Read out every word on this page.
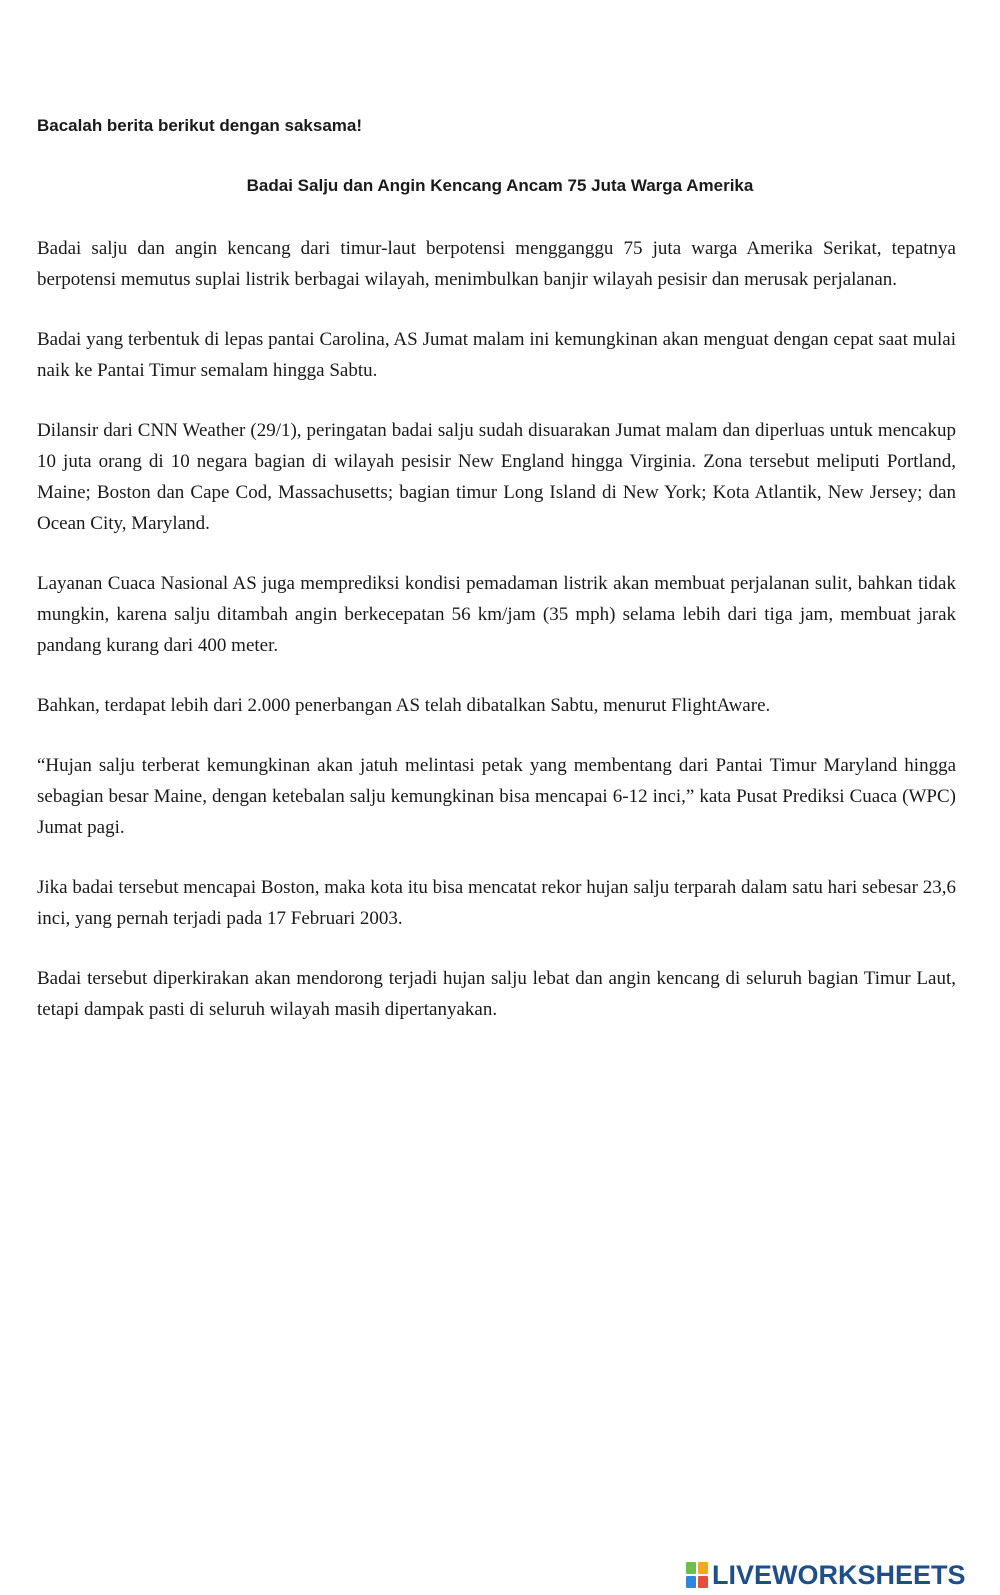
Bacalah berita berikut dengan saksama!

Badai Salju dan Angin Kencang Ancam 75 Juta Warga Amerika

Badai salju dan angin kencang dari timur-laut berpotensi mengganggu 75 juta warga Amerika Serikat, tepatnya berpotensi memutus suplai listrik berbagai wilayah, menimbulkan banjir wilayah pesisir dan merusak perjalanan.

Badai yang terbentuk di lepas pantai Carolina, AS Jumat malam ini kemungkinan akan menguat dengan cepat saat mulai naik ke Pantai Timur semalam hingga Sabtu.

Dilansir dari CNN Weather (29/1), peringatan badai salju sudah disuarakan Jumat malam dan diperluas untuk mencakup 10 juta orang di 10 negara bagian di wilayah pesisir New England hingga Virginia. Zona tersebut meliputi Portland, Maine; Boston dan Cape Cod, Massachusetts; bagian timur Long Island di New York; Kota Atlantik, New Jersey; dan Ocean City, Maryland.

Layanan Cuaca Nasional AS juga memprediksi kondisi pemadaman listrik akan membuat perjalanan sulit, bahkan tidak mungkin, karena salju ditambah angin berkecepatan 56 km/jam (35 mph) selama lebih dari tiga jam, membuat jarak pandang kurang dari 400 meter.

Bahkan, terdapat lebih dari 2.000 penerbangan AS telah dibatalkan Sabtu, menurut FlightAware.

“Hujan salju terberat kemungkinan akan jatuh melintasi petak yang membentang dari Pantai Timur Maryland hingga sebagian besar Maine, dengan ketebalan salju kemungkinan bisa mencapai 6-12 inci,” kata Pusat Prediksi Cuaca (WPC) Jumat pagi.

Jika badai tersebut mencapai Boston, maka kota itu bisa mencatat rekor hujan salju terparah dalam satu hari sebesar 23,6 inci, yang pernah terjadi pada 17 Februari 2003.

Badai tersebut diperkirakan akan mendorong terjadi hujan salju lebat dan angin kencang di seluruh bagian Timur Laut, tetapi dampak pasti di seluruh wilayah masih dipertanyakan.

LIVEWORKSHEETS
